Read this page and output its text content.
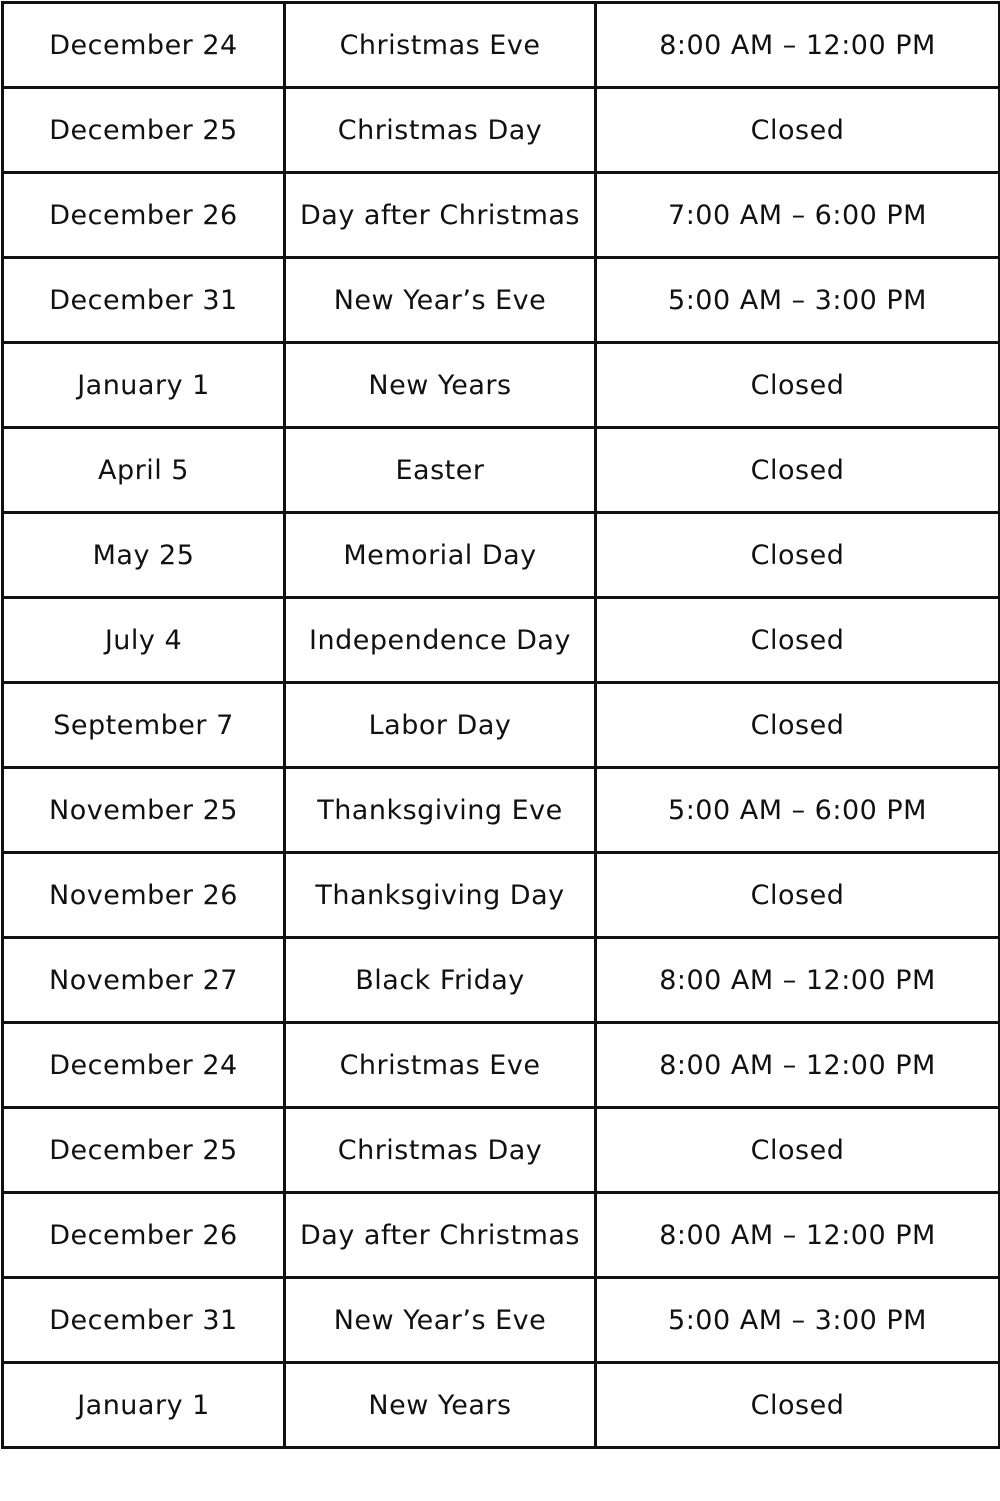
December 24	Christmas Eve	8:00 AM – 12:00 PM
December 25	Christmas Day	Closed
December 26	Day after Christmas	7:00 AM – 6:00 PM
December 31	New Year’s Eve	5:00 AM – 3:00 PM
January 1	New Years	Closed
April 5	Easter	Closed
May 25	Memorial Day	Closed
July 4	Independence Day	Closed
September 7	Labor Day	Closed
November 25	Thanksgiving Eve	5:00 AM – 6:00 PM
November 26	Thanksgiving Day	Closed
November 27	Black Friday	8:00 AM – 12:00 PM
December 24	Christmas Eve	8:00 AM – 12:00 PM
December 25	Christmas Day	Closed
December 26	Day after Christmas	8:00 AM – 12:00 PM
December 31	New Year’s Eve	5:00 AM – 3:00 PM
January 1	New Years	Closed
